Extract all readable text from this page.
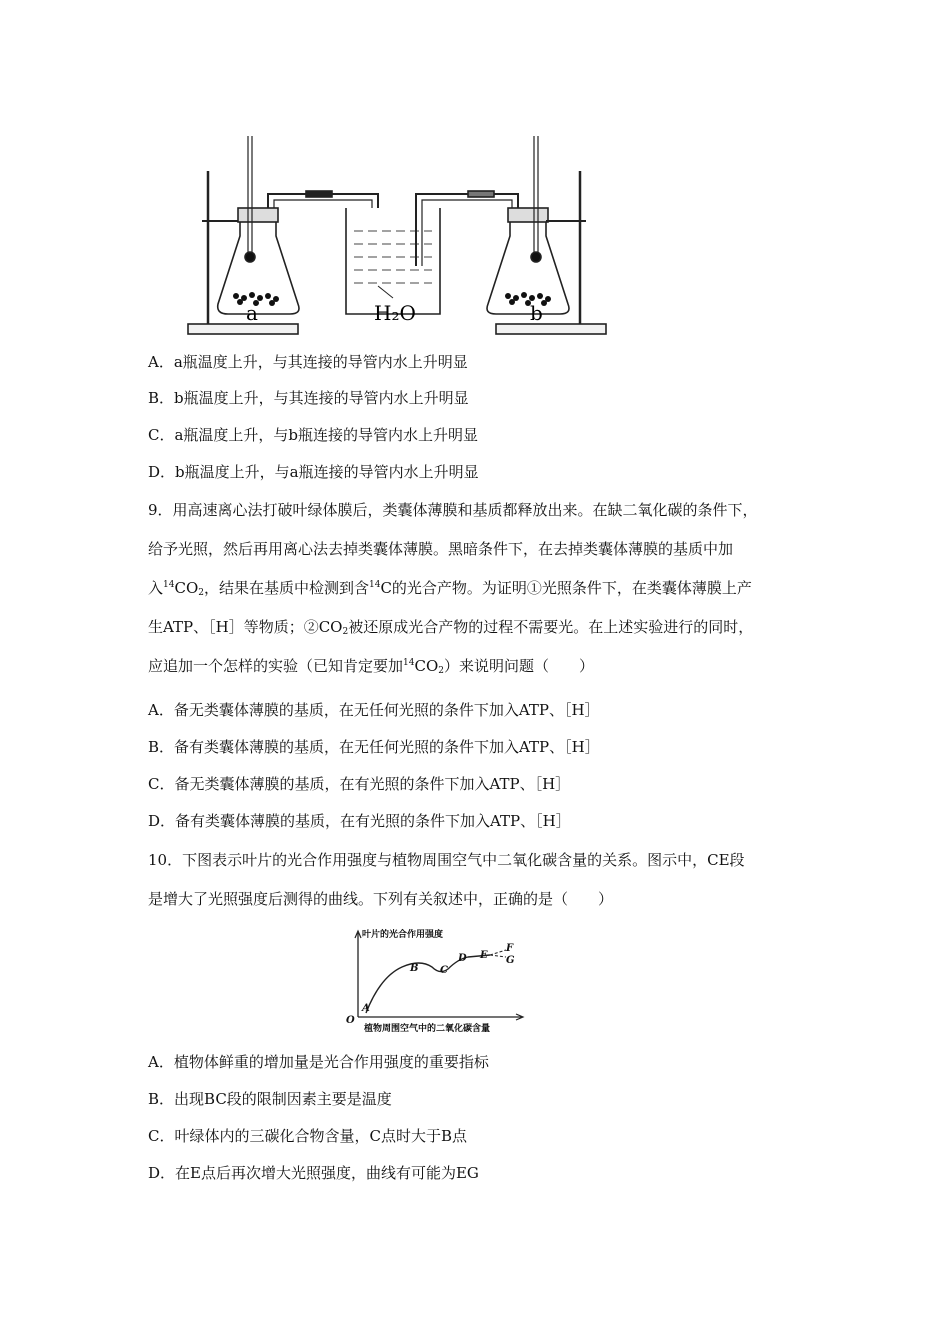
a	b
H₂O
A．a瓶温度上升，与其连接的导管内水上升明显
B．b瓶温度上升，与其连接的导管内水上升明显
C．a瓶温度上升，与b瓶连接的导管内水上升明显
D．b瓶温度上升，与a瓶连接的导管内水上升明显
9．用高速离心法打破叶绿体膜后，类囊体薄膜和基质都释放出来。在缺二氧化碳的条件下，
给予光照，然后再用离心法去掉类囊体薄膜。黑暗条件下，在去掉类囊体薄膜的基质中加
入$^{14}CO_2$，结果在基质中检测到含$^{14}$C的光合产物。为证明①光照条件下，在类囊体薄膜上产
生ATP、［H］等物质；$②CO_2$被还原成光合产物的过程不需要光。在上述实验进行的同时，
应追加一个怎样的实验（已知肯定要加$^{14}CO_2$）来说明问题（　　）
A．备无类囊体薄膜的基质，在无任何光照的条件下加入ATP、［H］
B．备有类囊体薄膜的基质，在无任何光照的条件下加入ATP、［H］
C．备无类囊体薄膜的基质，在有光照的条件下加入ATP、［H］
D．备有类囊体薄膜的基质，在有光照的条件下加入ATP、［H］
10．下图表示叶片的光合作用强度与植物周围空气中二氧化碳含量的关系。图示中，CE段
是增大了光照强度后测得的曲线。下列有关叙述中，正确的是（　　）
A
B C
D E
F
G
O
叶片的光合作用强度
植物周围空气中的二氧化碳含量
A．植物体鲜重的增加量是光合作用强度的重要指标
B．出现BC段的限制因素主要是温度
C．叶绿体内的三碳化合物含量，C点时大于B点
D．在E点后再次增大光照强度，曲线有可能为EG
